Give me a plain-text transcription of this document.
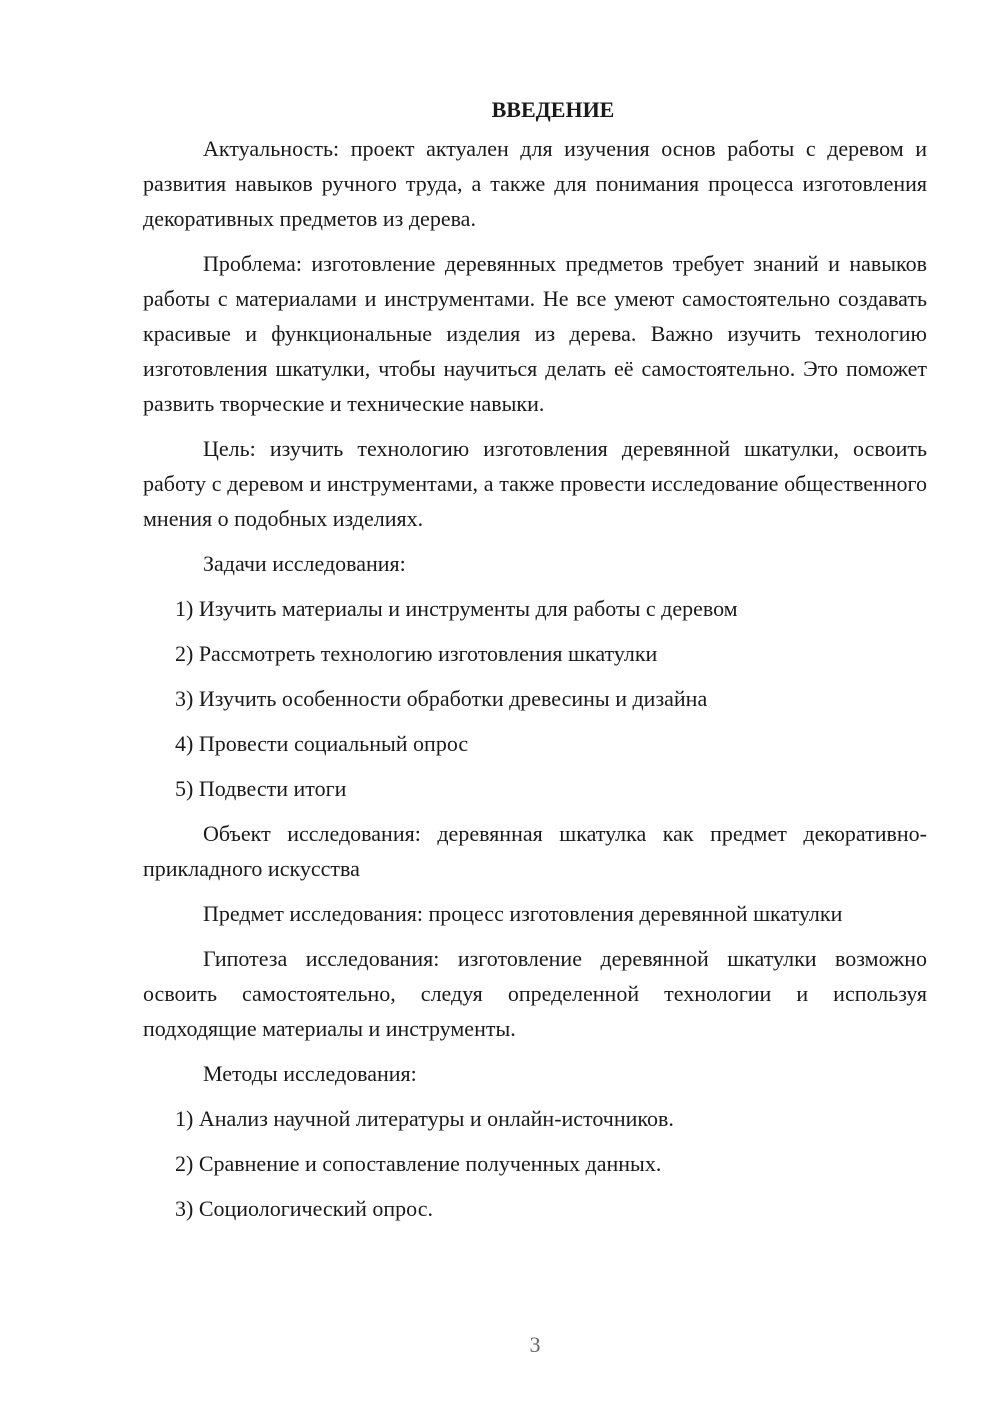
ВВЕДЕНИЕ

Актуальность: проект актуален для изучения основ работы с деревом и развития навыков ручного труда, а также для понимания процесса изготовления декоративных предметов из дерева.

Проблема: изготовление деревянных предметов требует знаний и навыков работы с материалами и инструментами. Не все умеют самостоятельно создавать красивые и функциональные изделия из дерева. Важно изучить технологию изготовления шкатулки, чтобы научиться делать её самостоятельно. Это поможет развить творческие и технические навыки.

Цель: изучить технологию изготовления деревянной шкатулки, освоить работу с деревом и инструментами, а также провести исследование общественного мнения о подобных изделиях.

Задачи исследования:

1) Изучить материалы и инструменты для работы с деревом

2) Рассмотреть технологию изготовления шкатулки

3) Изучить особенности обработки древесины и дизайна

4) Провести социальный опрос

5) Подвести итоги

Объект исследования: деревянная шкатулка как предмет декоративно-прикладного искусства

Предмет исследования: процесс изготовления деревянной шкатулки

Гипотеза исследования: изготовление деревянной шкатулки возможно освоить самостоятельно, следуя определенной технологии и используя подходящие материалы и инструменты.

Методы исследования:

1) Анализ научной литературы и онлайн-источников.

2) Сравнение и сопоставление полученных данных.

3) Социологический опрос.

3
